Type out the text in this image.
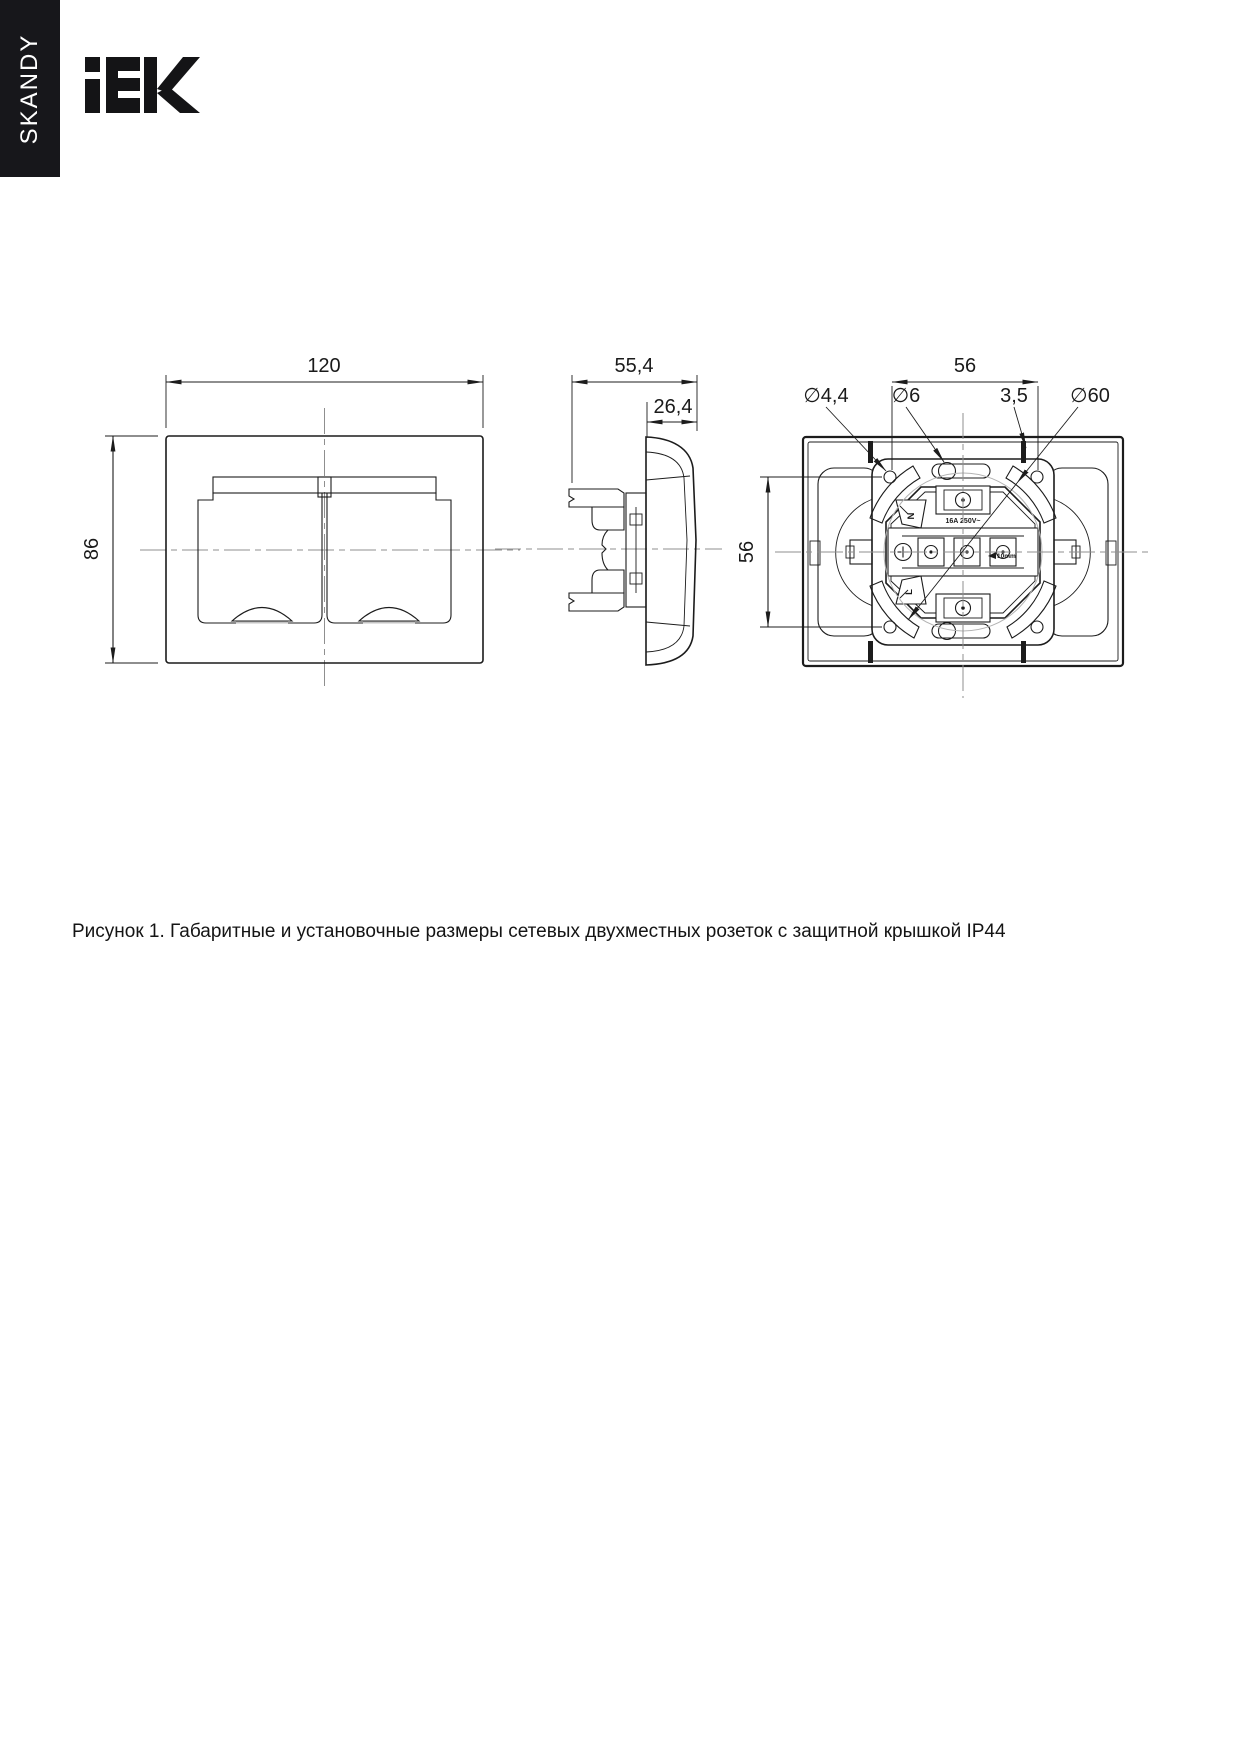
SKANDY
120
86
55,4
26,4
16A 250V~
N
L
10mm
56
56
∅4,4 ∅6	3,5 ∅60
Рисунок 1. Габаритные и установочные размеры сетевых двухместных розеток с защитной крышкой IP44
